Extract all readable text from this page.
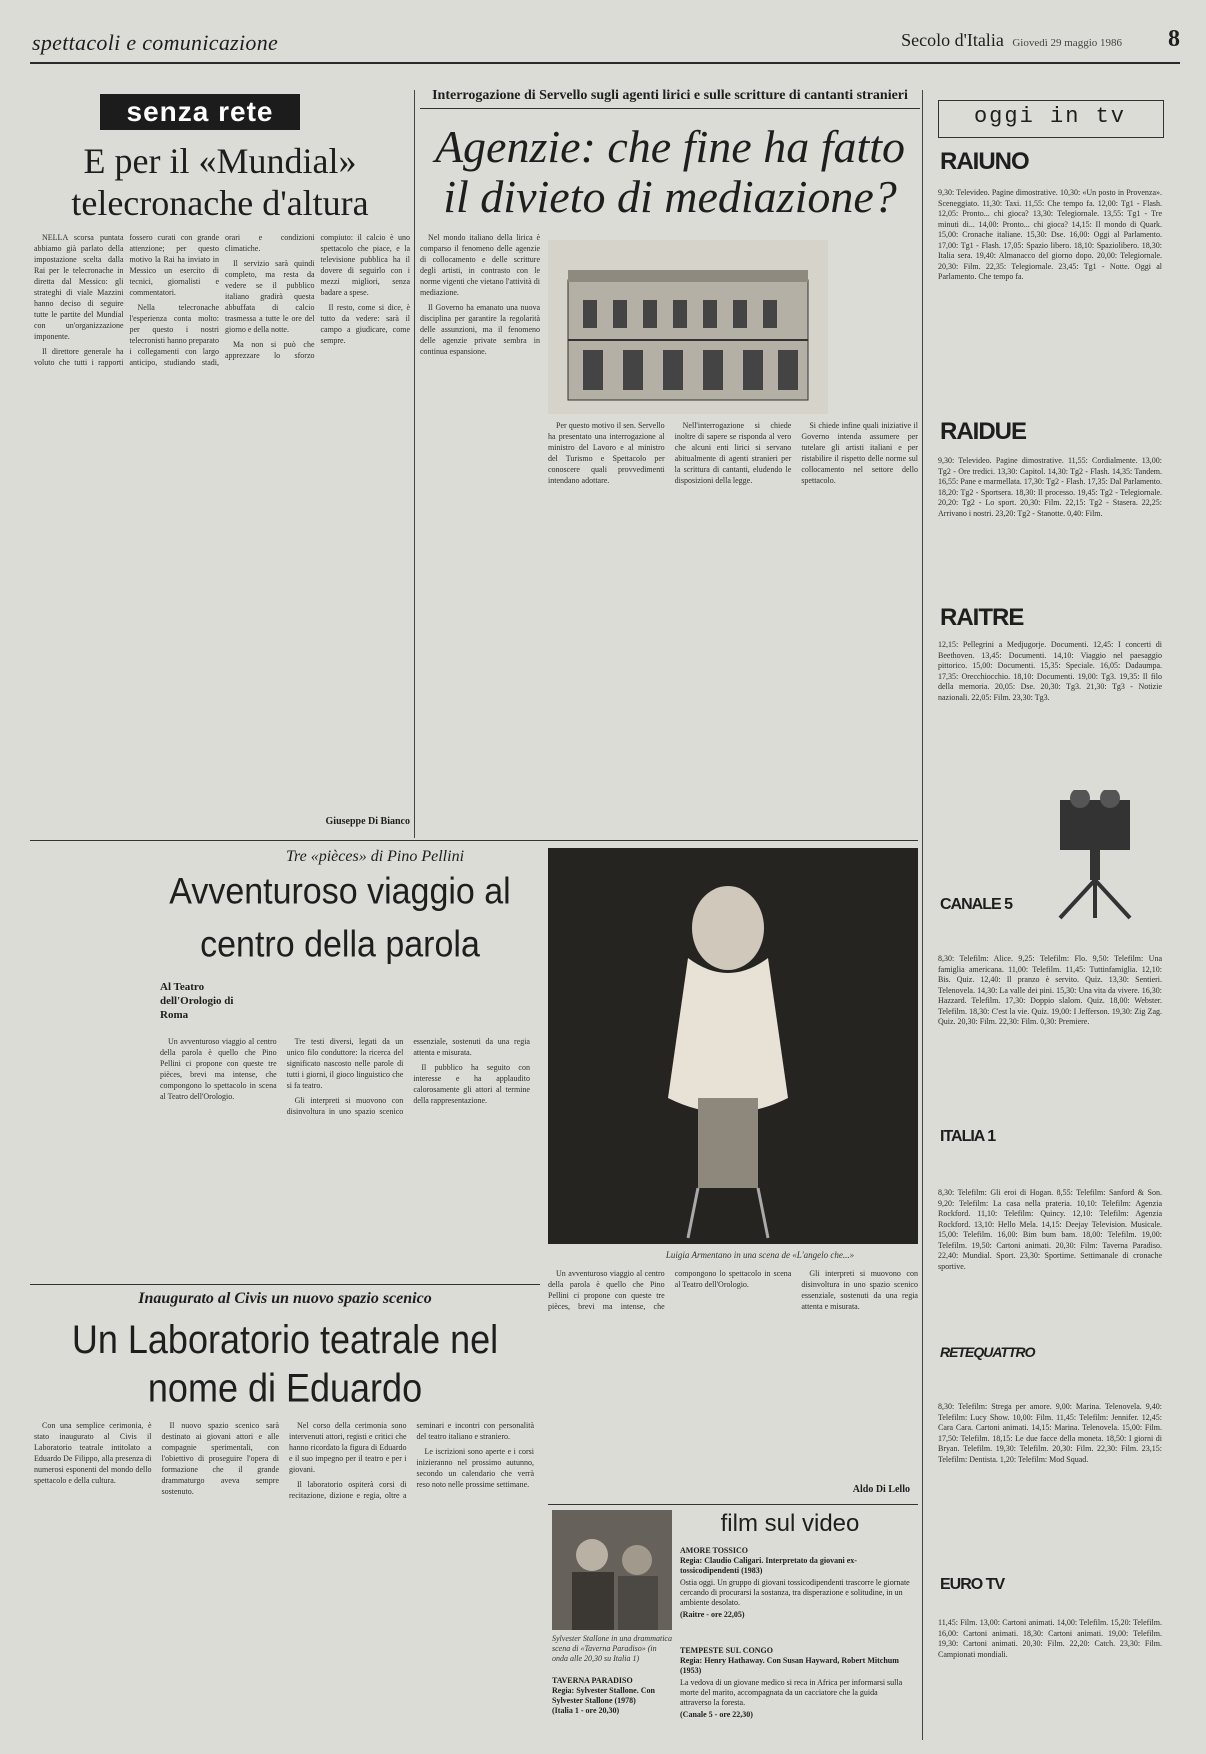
spettacoli e comunicazione	Secolo d'Italia Giovedì 29 maggio 1986 8
senza rete
E per il «Mundial» telecronache d'altura

NELLA scorsa puntata abbiamo già parlato della impostazione scelta dalla Rai per le telecronache in diretta dal Messico: gli strateghi di viale Mazzini hanno deciso di seguire tutte le partite del Mundial con un'organizzazione imponente.

Il direttore generale ha voluto che tutti i rapporti fossero curati con grande attenzione; per questo motivo la Rai ha inviato in Messico un esercito di tecnici, giornalisti e commentatori.

Nella telecronache l'esperienza conta molto: per questo i nostri telecronisti hanno preparato i collegamenti con largo anticipo, studiando stadi, orari e condizioni climatiche.

Il servizio sarà quindi completo, ma resta da vedere se il pubblico italiano gradirà questa abbuffata di calcio trasmessa a tutte le ore del giorno e della notte.

Ma non si può che apprezzare lo sforzo compiuto: il calcio è uno spettacolo che piace, e la televisione pubblica ha il dovere di seguirlo con i mezzi migliori, senza badare a spese.

Il resto, come si dice, è tutto da vedere: sarà il campo a giudicare, come sempre.

Giuseppe Di Bianco
Interrogazione di Servello sugli agenti lirici e sulle scritture di cantanti stranieri
Agenzie: che fine ha fatto il divieto di mediazione?

Nel mondo italiano della lirica è comparso il fenomeno delle agenzie di collocamento e delle scritture degli artisti, in contrasto con le norme vigenti che vietano l'attività di mediazione.

Il Governo ha emanato una nuova disciplina per garantire la regolarità delle assunzioni, ma il fenomeno delle agenzie private sembra in continua espansione.

Per questo motivo il sen. Servello ha presentato una interrogazione al ministro del Lavoro e al ministro del Turismo e Spettacolo per conoscere quali provvedimenti intendano adottare.

Nell'interrogazione si chiede inoltre di sapere se risponda al vero che alcuni enti lirici si servano abitualmente di agenti stranieri per la scrittura di cantanti, eludendo le disposizioni della legge.

Si chiede infine quali iniziative il Governo intenda assumere per tutelare gli artisti italiani e per ristabilire il rispetto delle norme sul collocamento nel settore dello spettacolo.

Tre «pièces» di Pino Pellini
Avventuroso viaggio al centro della parola
Al Teatro dell'Orologio di Roma

Un avventuroso viaggio al centro della parola è quello che Pino Pellini ci propone con queste tre pièces, brevi ma intense, che compongono lo spettacolo in scena al Teatro dell'Orologio.

Tre testi diversi, legati da un unico filo conduttore: la ricerca del significato nascosto nelle parole di tutti i giorni, il gioco linguistico che si fa teatro.

Gli interpreti si muovono con disinvoltura in uno spazio scenico essenziale, sostenuti da una regia attenta e misurata.

Il pubblico ha seguito con interesse e ha applaudito calorosamente gli attori al termine della rappresentazione.

Luigia Armentano in una scena de «L'angelo che...»

Un avventuroso viaggio al centro della parola è quello che Pino Pellini ci propone con queste tre pièces, brevi ma intense, che compongono lo spettacolo in scena al Teatro dell'Orologio.

Gli interpreti si muovono con disinvoltura in uno spazio scenico essenziale, sostenuti da una regia attenta e misurata.

Aldo Di Lello
Inaugurato al Civis un nuovo spazio scenico
Un Laboratorio teatrale nel nome di Eduardo

Con una semplice cerimonia, è stato inaugurato al Civis il Laboratorio teatrale intitolato a Eduardo De Filippo, alla presenza di numerosi esponenti del mondo dello spettacolo e della cultura.

Il nuovo spazio scenico sarà destinato ai giovani attori e alle compagnie sperimentali, con l'obiettivo di proseguire l'opera di formazione che il grande drammaturgo aveva sempre sostenuto.

Nel corso della cerimonia sono intervenuti attori, registi e critici che hanno ricordato la figura di Eduardo e il suo impegno per il teatro e per i giovani.

Il laboratorio ospiterà corsi di recitazione, dizione e regia, oltre a seminari e incontri con personalità del teatro italiano e straniero.

Le iscrizioni sono aperte e i corsi inizieranno nel prossimo autunno, secondo un calendario che verrà reso noto nelle prossime settimane.

film sul video
Sylvester Stallone in una drammatica scena di «Taverna Paradiso» (in onda alle 20,30 su Italia 1)
TAVERNA PARADISO
Regia: Sylvester Stallone. Con Sylvester Stallone (1978)
(Italia 1 - ore 20,30)
AMORE TOSSICO
Regia: Claudio Caligari. Interpretato da giovani ex-tossicodipendenti (1983)
Ostia oggi. Un gruppo di giovani tossicodipendenti trascorre le giornate cercando di procurarsi la sostanza, tra disperazione e solitudine, in un ambiente desolato.
(Raitre - ore 22,05)
TEMPESTE SUL CONGO
Regia: Henry Hathaway. Con Susan Hayward, Robert Mitchum (1953)
La vedova di un giovane medico si reca in Africa per informarsi sulla morte del marito, accompagnata da un cacciatore che la guida attraverso la foresta.
(Canale 5 - ore 22,30)
oggi in tv
RAIUNO
9,30: Televideo. Pagine dimostrative. 10,30: «Un posto in Provenza». Sceneggiato. 11,30: Taxi. 11,55: Che tempo fa. 12,00: Tg1 - Flash. 12,05: Pronto... chi gioca? 13,30: Telegiornale. 13,55: Tg1 - Tre minuti di... 14,00: Pronto... chi gioca? 14,15: Il mondo di Quark. 15,00: Cronache italiane. 15,30: Dse. 16,00: Oggi al Parlamento. 17,00: Tg1 - Flash. 17,05: Spazio libero. 18,10: Spaziolibero. 18,30: Italia sera. 19,40: Almanacco del giorno dopo. 20,00: Telegiornale. 20,30: Film. 22,35: Telegiornale. 23,45: Tg1 - Notte. Oggi al Parlamento. Che tempo fa.
RAIDUE
9,30: Televideo. Pagine dimostrative. 11,55: Cordialmente. 13,00: Tg2 - Ore tredici. 13,30: Capitol. 14,30: Tg2 - Flash. 14,35: Tandem. 16,55: Pane e marmellata. 17,30: Tg2 - Flash. 17,35: Dal Parlamento. 18,20: Tg2 - Sportsera. 18,30: Il processo. 19,45: Tg2 - Telegiornale. 20,20: Tg2 - Lo sport. 20,30: Film. 22,15: Tg2 - Stasera. 22,25: Arrivano i nostri. 23,20: Tg2 - Stanotte. 0,40: Film.
RAITRE
12,15: Pellegrini a Medjugorje. Documenti. 12,45: I concerti di Beethoven. 13,45: Documenti. 14,10: Viaggio nel paesaggio pittorico. 15,00: Documenti. 15,35: Speciale. 16,05: Dadaumpa. 17,35: Orecchiocchio. 18,10: Documenti. 19,00: Tg3. 19,35: Il filo della memoria. 20,05: Dse. 20,30: Tg3. 21,30: Tg3 - Notizie nazionali. 22,05: Film. 23,30: Tg3.
CANALE 5
8,30: Telefilm: Alice. 9,25: Telefilm: Flo. 9,50: Telefilm: Una famiglia americana. 11,00: Telefilm. 11,45: Tuttinfamiglia. 12,10: Bis. Quiz. 12,40: Il pranzo è servito. Quiz. 13,30: Sentieri. Telenovela. 14,30: La valle dei pini. 15,30: Una vita da vivere. 16,30: Hazzard. Telefilm. 17,30: Doppio slalom. Quiz. 18,00: Webster. Telefilm. 18,30: C'est la vie. Quiz. 19,00: I Jefferson. 19,30: Zig Zag. Quiz. 20,30: Film. 22,30: Film. 0,30: Premiere.
ITALIA 1
8,30: Telefilm: Gli eroi di Hogan. 8,55: Telefilm: Sanford & Son. 9,20: Telefilm: La casa nella prateria. 10,10: Telefilm: Agenzia Rockford. 11,10: Telefilm: Quincy. 12,10: Telefilm: Agenzia Rockford. 13,10: Hello Mela. 14,15: Deejay Television. Musicale. 15,00: Telefilm. 16,00: Bim bum bam. 18,00: Telefilm. 19,00: Telefilm. 19,50: Cartoni animati. 20,30: Film: Taverna Paradiso. 22,40: Mundial. Sport. 23,30: Sportime. Settimanale di cronache sportive.
RETEQUATTRO
8,30: Telefilm: Strega per amore. 9,00: Marina. Telenovela. 9,40: Telefilm: Lucy Show. 10,00: Film. 11,45: Telefilm: Jennifer. 12,45: Cara Cara. Cartoni animati. 14,15: Marina. Telenovela. 15,00: Film. 17,50: Telefilm. 18,15: Le due facce della moneta. 18,50: I giorni di Bryan. Telefilm. 19,30: Telefilm. 20,30: Film. 22,30: Film. 23,15: Telefilm: Dentista. 1,20: Telefilm: Mod Squad.
EURO TV
11,45: Film. 13,00: Cartoni animati. 14,00: Telefilm. 15,20: Telefilm. 16,00: Cartoni animati. 18,30: Cartoni animati. 19,00: Telefilm. 19,30: Cartoni animati. 20,30: Film. 22,20: Catch. 23,30: Film. Campionati mondiali.
